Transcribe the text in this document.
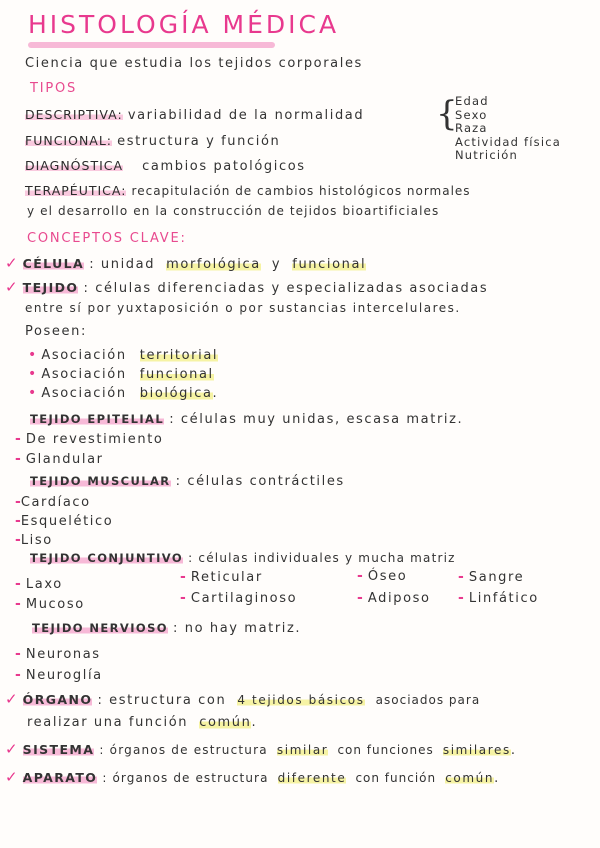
HISTOLOGÍA MÉDICA
Ciencia que estudia los tejidos corporales
TIPOS
DESCRIPTIVA: variabilidad de la normalidad {
Edad
Sexo
Raza
Actividad física
Nutrición
FUNCIONAL: estructura y función
DIAGNÓSTICA cambios patológicos
TERAPÉUTICA: recapitulación de cambios histológicos normales
y el desarrollo en la construcción de tejidos bioartificiales
CONCEPTOS CLAVE:
✓ CÉLULA : unidad morfológica y funcional
✓ TEJIDO : células diferenciadas y especializadas asociadas
entre sí por yuxtaposición o por sustancias intercelulares.
Poseen:
• Asociación territorial
• Asociación funcional
• Asociación biológica.
TEJIDO EPITELIAL : células muy unidas, escasa matriz.
- De revestimiento
- Glandular
TEJIDO MUSCULAR : células contráctiles
-Cardíaco
-Esquelético
-Liso
TEJIDO CONJUNTIVO : células individuales y mucha matriz
- Laxo
- Mucoso
- Reticular
- Cartilaginoso
- Óseo
- Adiposo
- Sangre
- Linfático
TEJIDO NERVIOSO : no hay matriz.
- Neuronas
- Neuroglía
✓ ÓRGANO : estructura con 4 tejidos básicos asociados para
realizar una función común.
✓ SISTEMA : órganos de estructura similar con funciones similares.
✓ APARATO : órganos de estructura diferente con función común.
